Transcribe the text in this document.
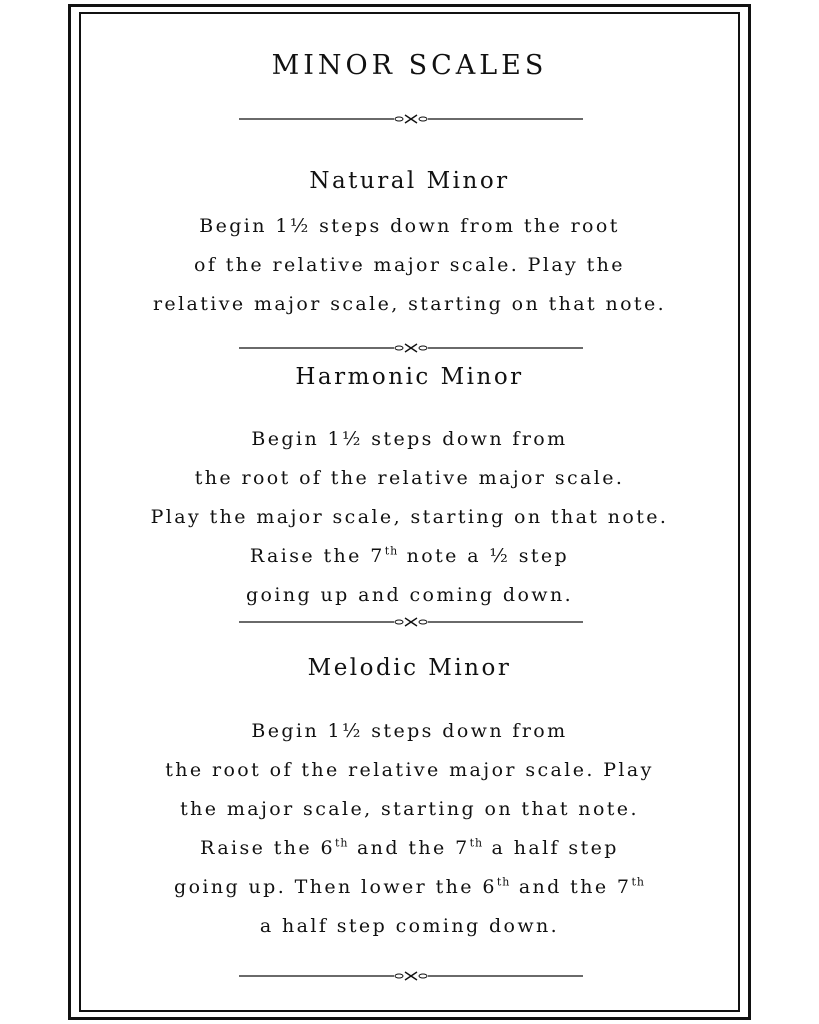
MINOR SCALES
Natural Minor
Begin 1½ steps down from the root
of the relative major scale. Play the
relative major scale, starting on that note.
Harmonic Minor
Begin 1½ steps down from
the root of the relative major scale.
Play the major scale, starting on that note.
Raise the 7th note a ½ step
going up and coming down.
Melodic Minor
Begin 1½ steps down from
the root of the relative major scale. Play
the major scale, starting on that note.
Raise the 6th and the 7th a half step
going up. Then lower the 6th and the 7th
a half step coming down.
